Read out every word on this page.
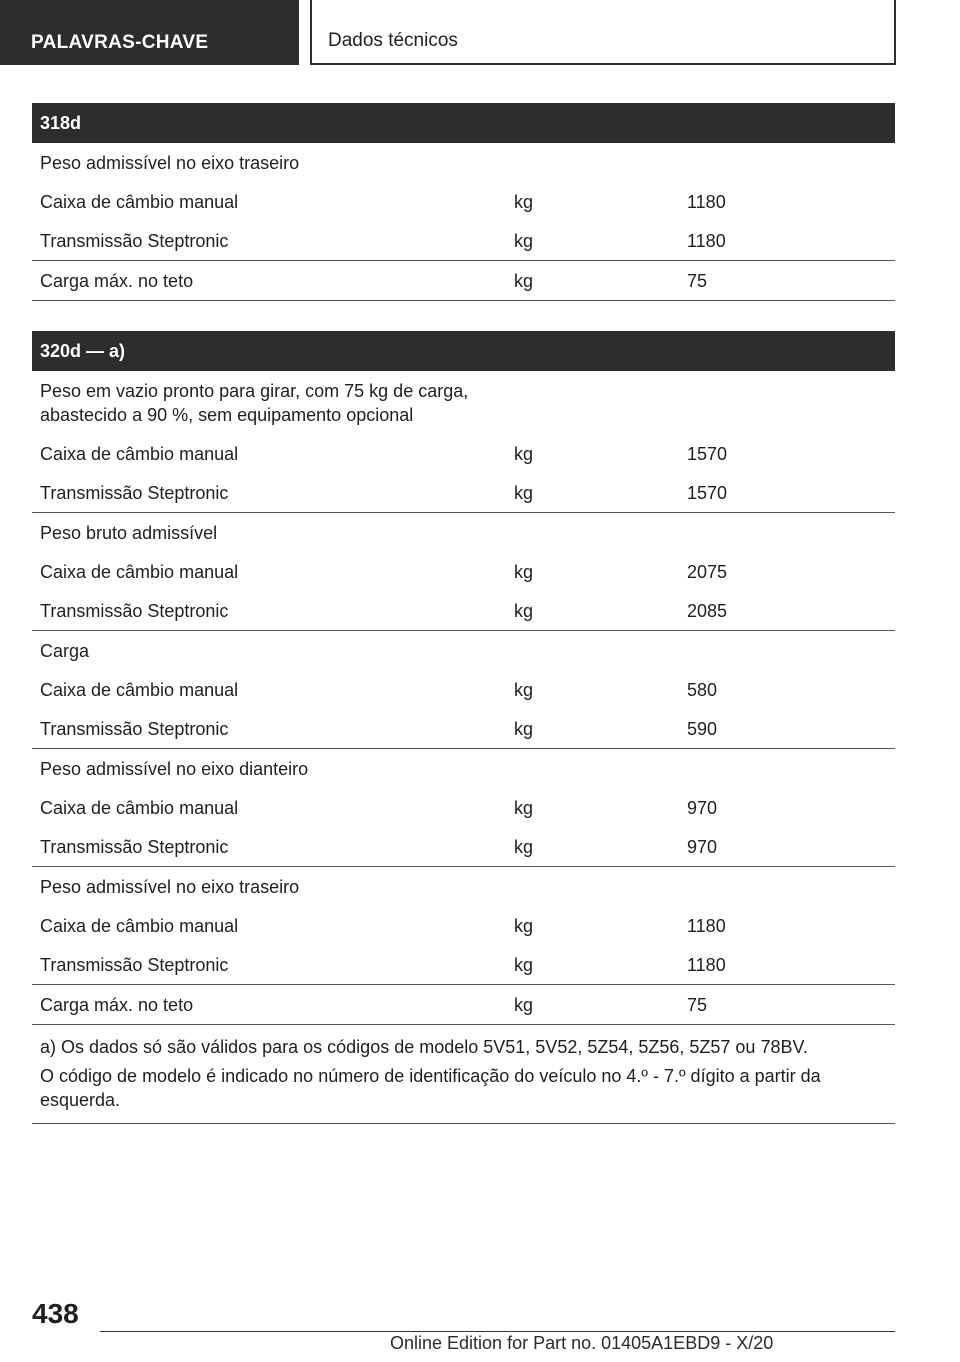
PALAVRAS-CHAVE	Dados técnicos
318d
Peso admissível no eixo traseiro
Caixa de câmbio manual	kg	1180
Transmissão Steptronic	kg	1180
Carga máx. no teto	kg	75
320d — a)
Peso em vazio pronto para girar, com 75 kg de carga, abastecido a 90 %, sem equipamento opcional
Caixa de câmbio manual	kg	1570
Transmissão Steptronic	kg	1570
Peso bruto admissível
Caixa de câmbio manual	kg	2075
Transmissão Steptronic	kg	2085
Carga
Caixa de câmbio manual	kg	580
Transmissão Steptronic	kg	590
Peso admissível no eixo dianteiro
Caixa de câmbio manual	kg	970
Transmissão Steptronic	kg	970
Peso admissível no eixo traseiro
Caixa de câmbio manual	kg	1180
Transmissão Steptronic	kg	1180
Carga máx. no teto	kg	75

a) Os dados só são válidos para os códigos de modelo 5V51, 5V52, 5Z54, 5Z56, 5Z57 ou 78BV.

O código de modelo é indicado no número de identificação do veículo no 4.º - 7.º dígito a partir da esquerda.

438
Online Edition for Part no. 01405A1EBD9 - X/20
